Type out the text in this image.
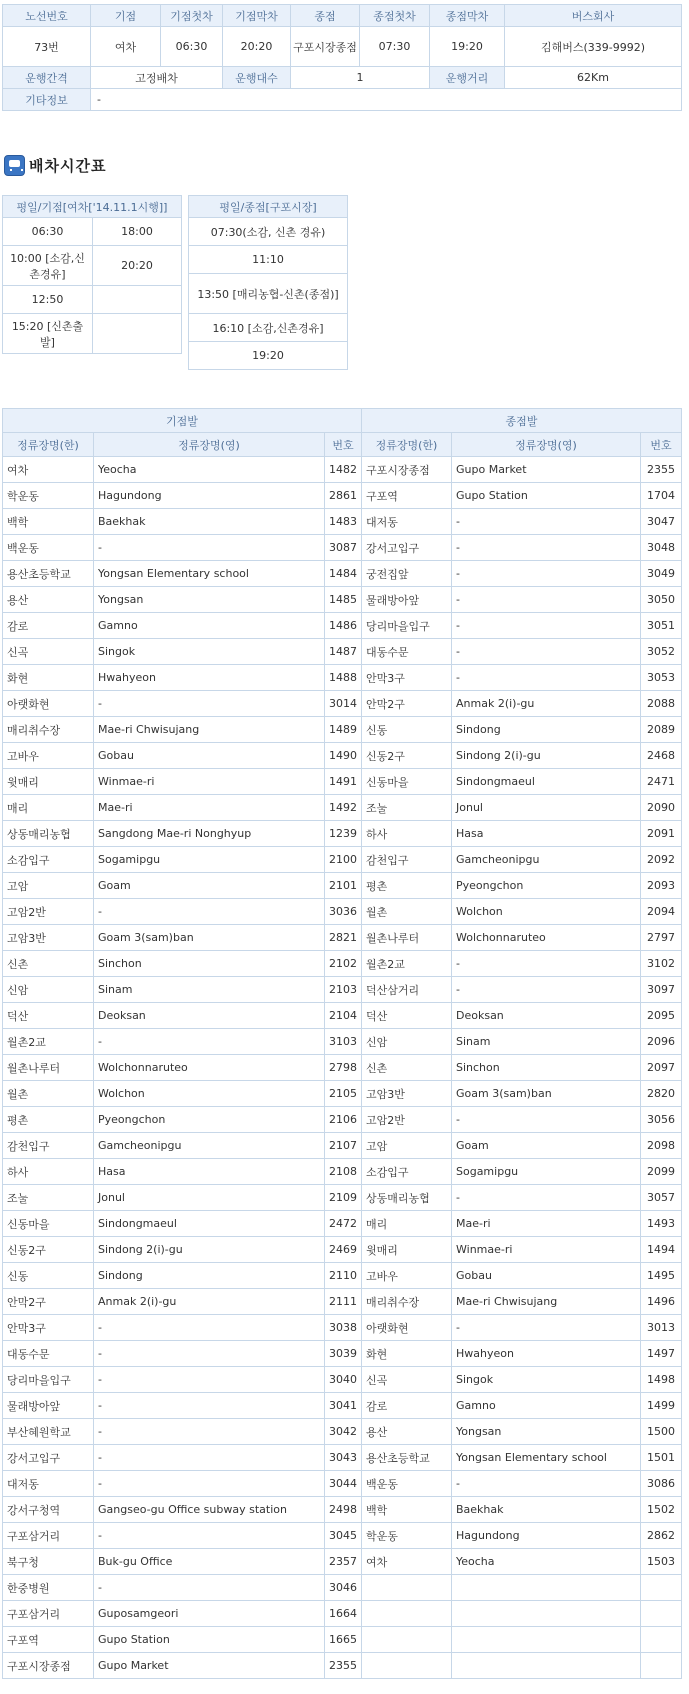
노선번호	기점	기점첫차	기점막차	종점	종점첫차	종점막차	버스회사
73번	여차	06:30	20:20	구포시장종점	07:30	19:20	김해버스(339-9992)
운행간격	고정배차		운행대수	1		운행거리	62Km
기타정보	-						
배차시간표
평일/기점[여차['14.11.1시행]]	
06:30	18:00
10:00 [소감,신촌경유]	20:20
12:50	
15:20 [신촌출발]	
평일/종점[구포시장]
07:30(소감, 신촌 경유)
11:10
13:50 [매리농협-신촌(종점)]
16:10 [소감,신촌경유]
19:20
기점발			종점발		
정류장명(한)	정류장명(영)	번호	정류장명(한)	정류장명(영)	번호
여차	Yeocha	1482	구포시장종점	Gupo Market	2355
학운동	Hagundong	2861	구포역	Gupo Station	1704
백학	Baekhak	1483	대저동	-	3047
백운동	-	3087	강서고입구	-	3048
용산초등학교	Yongsan Elementary school	1484	궁전집앞	-	3049
용산	Yongsan	1485	물래방아앞	-	3050
감로	Gamno	1486	당리마을입구	-	3051
신곡	Singok	1487	대동수문	-	3052
화현	Hwahyeon	1488	안막3구	-	3053
아랫화현	-	3014	안막2구	Anmak 2(i)-gu	2088
매리취수장	Mae-ri Chwisujang	1489	신동	Sindong	2089
고바우	Gobau	1490	신동2구	Sindong 2(i)-gu	2468
윗매리	Winmae-ri	1491	신동마을	Sindongmaeul	2471
매리	Mae-ri	1492	조눌	Jonul	2090
상동매리농협	Sangdong Mae-ri Nonghyup	1239	하사	Hasa	2091
소감입구	Sogamipgu	2100	감천입구	Gamcheonipgu	2092
고암	Goam	2101	평촌	Pyeongchon	2093
고암2반	-	3036	월촌	Wolchon	2094
고암3반	Goam 3(sam)ban	2821	월촌나루터	Wolchonnaruteo	2797
신촌	Sinchon	2102	월촌2교	-	3102
신암	Sinam	2103	덕산삼거리	-	3097
덕산	Deoksan	2104	덕산	Deoksan	2095
월촌2교	-	3103	신암	Sinam	2096
월촌나루터	Wolchonnaruteo	2798	신촌	Sinchon	2097
월촌	Wolchon	2105	고암3반	Goam 3(sam)ban	2820
평촌	Pyeongchon	2106	고암2반	-	3056
감천입구	Gamcheonipgu	2107	고암	Goam	2098
하사	Hasa	2108	소감입구	Sogamipgu	2099
조눌	Jonul	2109	상동매리농협	-	3057
신동마을	Sindongmaeul	2472	매리	Mae-ri	1493
신동2구	Sindong 2(i)-gu	2469	윗매리	Winmae-ri	1494
신동	Sindong	2110	고바우	Gobau	1495
안막2구	Anmak 2(i)-gu	2111	매리취수장	Mae-ri Chwisujang	1496
안막3구	-	3038	아랫화현	-	3013
대동수문	-	3039	화현	Hwahyeon	1497
당리마을입구	-	3040	신곡	Singok	1498
물래방아앞	-	3041	감로	Gamno	1499
부산혜원학교	-	3042	용산	Yongsan	1500
강서고입구	-	3043	용산초등학교	Yongsan Elementary school	1501
대저동	-	3044	백운동	-	3086
강서구청역	Gangseo-gu Office subway station	2498	백학	Baekhak	1502
구포삼거리	-	3045	학운동	Hagundong	2862
북구청	Buk-gu Office	2357	여차	Yeocha	1503
한중병원	-	3046			
구포삼거리	Guposamgeori	1664			
구포역	Gupo Station	1665			
구포시장종점	Gupo Market	2355			
